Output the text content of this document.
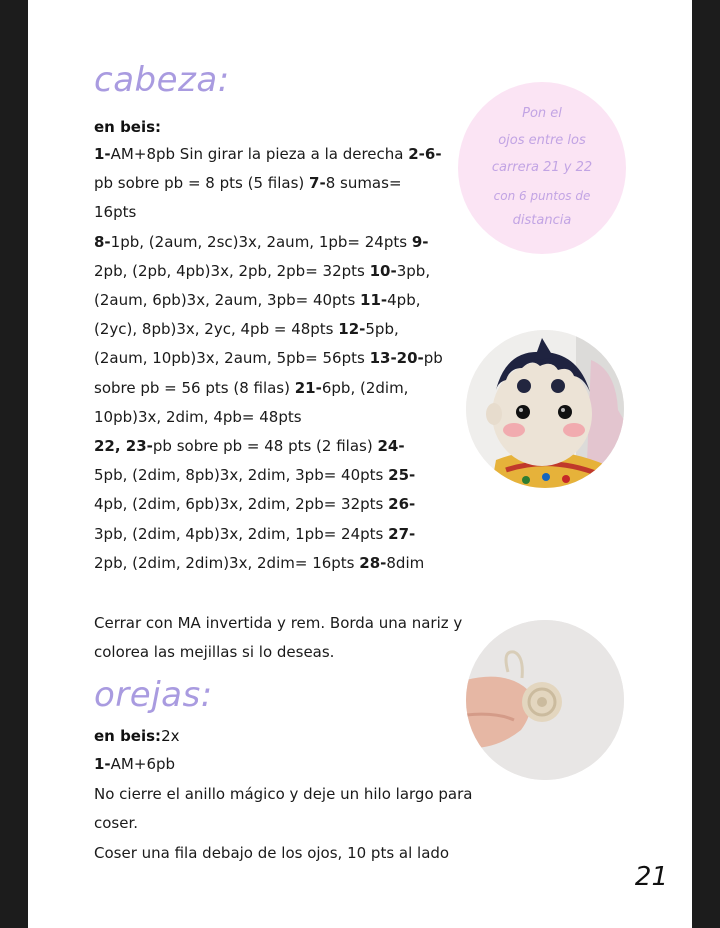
cabeza:
en beis:
Pon el
ojos entre los
carrera 21 y 22
con 6 puntos de
distancia
1-AM+8pb Sin girar la pieza a la derecha 2-6-
pb sobre pb = 8 pts (5 filas) 7-8 sumas=
16pts
8-1pb, (2aum, 2sc)3x, 2aum, 1pb= 24pts 9-
2pb, (2pb, 4pb)3x, 2pb, 2pb= 32pts 10-3pb,
(2aum, 6pb)3x, 2aum, 3pb= 40pts 11-4pb,
(2yc), 8pb)3x, 2yc, 4pb = 48pts 12-5pb,
(2aum, 10pb)3x, 2aum, 5pb= 56pts 13-20-pb
sobre pb = 56 pts (8 filas) 21-6pb, (2dim,
10pb)3x, 2dim, 4pb= 48pts
22, 23-pb sobre pb = 48 pts (2 filas) 24-
5pb, (2dim, 8pb)3x, 2dim, 3pb= 40pts 25-
4pb, (2dim, 6pb)3x, 2dim, 2pb= 32pts 26-
3pb, (2dim, 4pb)3x, 2dim, 1pb= 24pts 27-
2pb, (2dim, 2dim)3x, 2dim= 16pts 28-8dim
Cerrar con MA invertida y rem. Borda una nariz y
colorea las mejillas si lo deseas.
orejas:
en beis:2x
1-AM+6pb
No cierre el anillo mágico y deje un hilo largo para
coser.
Coser una fila debajo de los ojos, 10 pts al lado
21
